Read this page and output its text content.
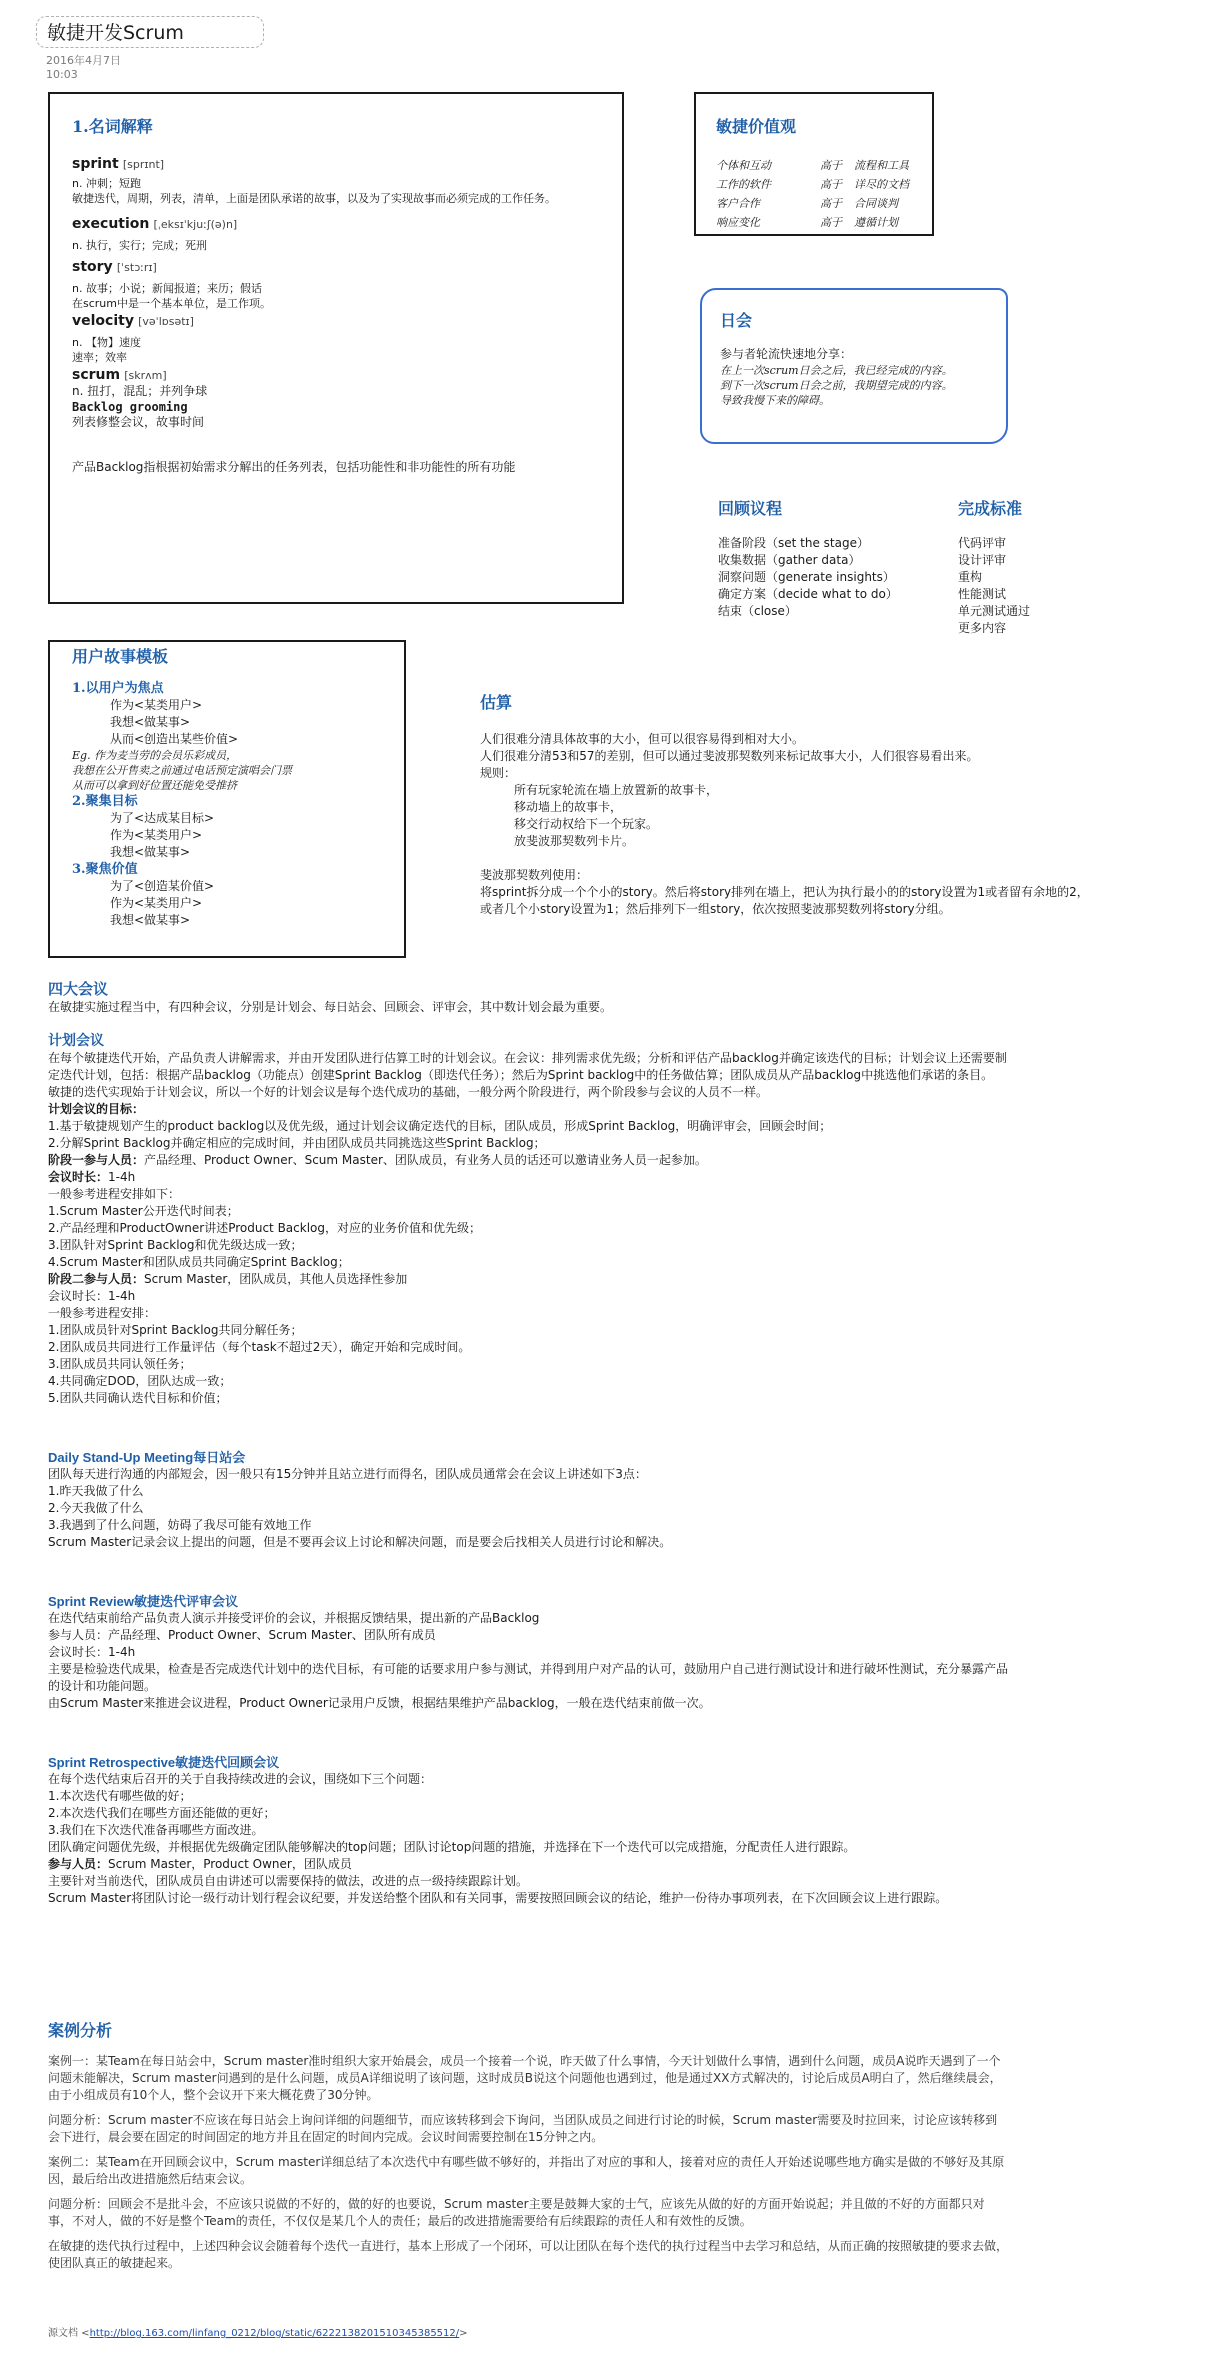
敏捷开发Scrum
2016年4月7日
10:03
1.名词解释
sprint [sprɪnt]
n. 冲刺；短跑
敏捷迭代，周期，列表，清单，上面是团队承诺的故事，以及为了实现故事而必须完成的工作任务。
execution [ˌeksɪˈkjuːʃ(ə)n]
n. 执行，实行；完成；死刑
story [ˈstɔːrɪ]
n. 故事；小说；新闻报道；来历；假话
在scrum中是一个基本单位，是工作项。
velocity [vəˈlɒsətɪ]
n. 【物】速度
速率；效率
scrum [skrʌm]
n. 扭打，混乱；并列争球
Backlog grooming
列表修整会议，故事时间
产品Backlog指根据初始需求分解出的任务列表，包括功能性和非功能性的所有功能
敏捷价值观
个体和互动	高于	流程和工具
工作的软件	高于	详尽的文档
客户合作	高于	合同谈判
响应变化	高于	遵循计划
日会
参与者轮流快速地分享：
在上一次scrum日会之后，我已经完成的内容。
到下一次scrum日会之前，我期望完成的内容。
导致我慢下来的障碍。
回顾议程
准备阶段（set the stage）
收集数据（gather data）
洞察问题（generate insights）
确定方案（decide what to do）
结束（close）
完成标准
代码评审
设计评审
重构
性能测试
单元测试通过
更多内容
用户故事模板
1.以用户为焦点
作为<某类用户>
我想<做某事>
从而<创造出某些价值>
Eg. 作为麦当劳的会员乐彩成员，
我想在公开售卖之前通过电话预定演唱会门票
从而可以拿到好位置还能免受推挤
2.聚集目标
为了<达成某目标>
作为<某类用户>
我想<做某事>
3.聚焦价值
为了<创造某价值>
作为<某类用户>
我想<做某事>
估算
人们很难分清具体故事的大小，但可以很容易得到相对大小。
人们很难分清53和57的差别，但可以通过斐波那契数列来标记故事大小，人们很容易看出来。
规则：
所有玩家轮流在墙上放置新的故事卡，
移动墙上的故事卡，
移交行动权给下一个玩家。
放斐波那契数列卡片。
斐波那契数列使用：
将sprint拆分成一个个小的story。然后将story排列在墙上，把认为执行最小的的story设置为1或者留有余地的2，或者几个小story设置为1；然后排列下一组story，依次按照斐波那契数列将story分组。
四大会议
在敏捷实施过程当中，有四种会议，分别是计划会、每日站会、回顾会、评审会，其中数计划会最为重要。
计划会议
在每个敏捷迭代开始，产品负责人讲解需求，并由开发团队进行估算工时的计划会议。在会议：排列需求优先级；分析和评估产品backlog并确定该迭代的目标；计划会议上还需要制定迭代计划，包括：根据产品backlog（功能点）创建Sprint Backlog（即迭代任务）；然后为Sprint backlog中的任务做估算；团队成员从产品backlog中挑选他们承诺的条目。
敏捷的迭代实现始于计划会议，所以一个好的计划会议是每个迭代成功的基础，一般分两个阶段进行，两个阶段参与会议的人员不一样。
计划会议的目标：
1.基于敏捷规划产生的product backlog以及优先级，通过计划会议确定迭代的目标，团队成员，形成Sprint Backlog，明确评审会，回顾会时间；
2.分解Sprint Backlog并确定相应的完成时间，并由团队成员共同挑选这些Sprint Backlog；
阶段一参与人员：产品经理、Product Owner、Scum Master、团队成员，有业务人员的话还可以邀请业务人员一起参加。
会议时长：1-4h
一般参考进程安排如下：
1.Scrum Master公开迭代时间表；
2.产品经理和ProductOwner讲述Product Backlog，对应的业务价值和优先级；
3.团队针对Sprint Backlog和优先级达成一致；
4.Scrum Master和团队成员共同确定Sprint Backlog；
阶段二参与人员：Scrum Master，团队成员，其他人员选择性参加
会议时长：1-4h
一般参考进程安排：
1.团队成员针对Sprint Backlog共同分解任务；
2.团队成员共同进行工作量评估（每个task不超过2天），确定开始和完成时间。
3.团队成员共同认领任务；
4.共同确定DOD，团队达成一致；
5.团队共同确认迭代目标和价值；
Daily Stand-Up Meeting每日站会
团队每天进行沟通的内部短会，因一般只有15分钟并且站立进行而得名，团队成员通常会在会议上讲述如下3点：
1.昨天我做了什么
2.今天我做了什么
3.我遇到了什么问题，妨碍了我尽可能有效地工作
Scrum Master记录会议上提出的问题，但是不要再会议上讨论和解决问题，而是要会后找相关人员进行讨论和解决。
Sprint Review敏捷迭代评审会议
在迭代结束前给产品负责人演示并接受评价的会议，并根据反馈结果，提出新的产品Backlog
参与人员：产品经理、Product Owner、Scrum Master、团队所有成员
会议时长：1-4h
主要是检验迭代成果，检查是否完成迭代计划中的迭代目标，有可能的话要求用户参与测试，并得到用户对产品的认可，鼓励用户自己进行测试设计和进行破坏性测试，充分暴露产品的设计和功能问题。
由Scrum Master来推进会议进程，Product Owner记录用户反馈，根据结果维护产品backlog，一般在迭代结束前做一次。
Sprint Retrospective敏捷迭代回顾会议
在每个迭代结束后召开的关于自我持续改进的会议，围绕如下三个问题：
1.本次迭代有哪些做的好；
2.本次迭代我们在哪些方面还能做的更好；
3.我们在下次迭代准备再哪些方面改进。
团队确定问题优先级，并根据优先级确定团队能够解决的top问题；团队讨论top问题的措施，并选择在下一个迭代可以完成措施，分配责任人进行跟踪。
参与人员：Scrum Master，Product Owner，团队成员
主要针对当前迭代，团队成员自由讲述可以需要保持的做法，改进的点一级持续跟踪计划。
Scrum Master将团队讨论一级行动计划行程会议纪要，并发送给整个团队和有关同事，需要按照回顾会议的结论，维护一份待办事项列表，在下次回顾会议上进行跟踪。
案例分析

案例一：某Team在每日站会中，Scrum master准时组织大家开始晨会，成员一个接着一个说，昨天做了什么事情，今天计划做什么事情，遇到什么问题，成员A说昨天遇到了一个问题未能解决，Scrum master问遇到的是什么问题，成员A详细说明了该问题，这时成员B说这个问题他也遇到过，他是通过XX方式解决的，讨论后成员A明白了，然后继续晨会，由于小组成员有10个人，整个会议开下来大概花费了30分钟。

问题分析：Scrum master不应该在每日站会上询问详细的问题细节，而应该转移到会下询问，当团队成员之间进行讨论的时候，Scrum master需要及时拉回来，讨论应该转移到会下进行，晨会要在固定的时间固定的地方并且在固定的时间内完成。会议时间需要控制在15分钟之内。

案例二：某Team在开回顾会议中，Scrum master详细总结了本次迭代中有哪些做不够好的，并指出了对应的事和人，接着对应的责任人开始述说哪些地方确实是做的不够好及其原因，最后给出改进措施然后结束会议。

问题分析：回顾会不是批斗会，不应该只说做的不好的，做的好的也要说，Scrum master主要是鼓舞大家的士气，应该先从做的好的方面开始说起；并且做的不好的方面都只对事，不对人，做的不好是整个Team的责任，不仅仅是某几个人的责任；最后的改进措施需要给有后续跟踪的责任人和有效性的反馈。

在敏捷的迭代执行过程中，上述四种会议会随着每个迭代一直进行，基本上形成了一个闭环，可以让团队在每个迭代的执行过程当中去学习和总结，从而正确的按照敏捷的要求去做，使团队真正的敏捷起来。

源文档 <http://blog.163.com/linfang_0212/blog/static/6222138201510345385512/>
